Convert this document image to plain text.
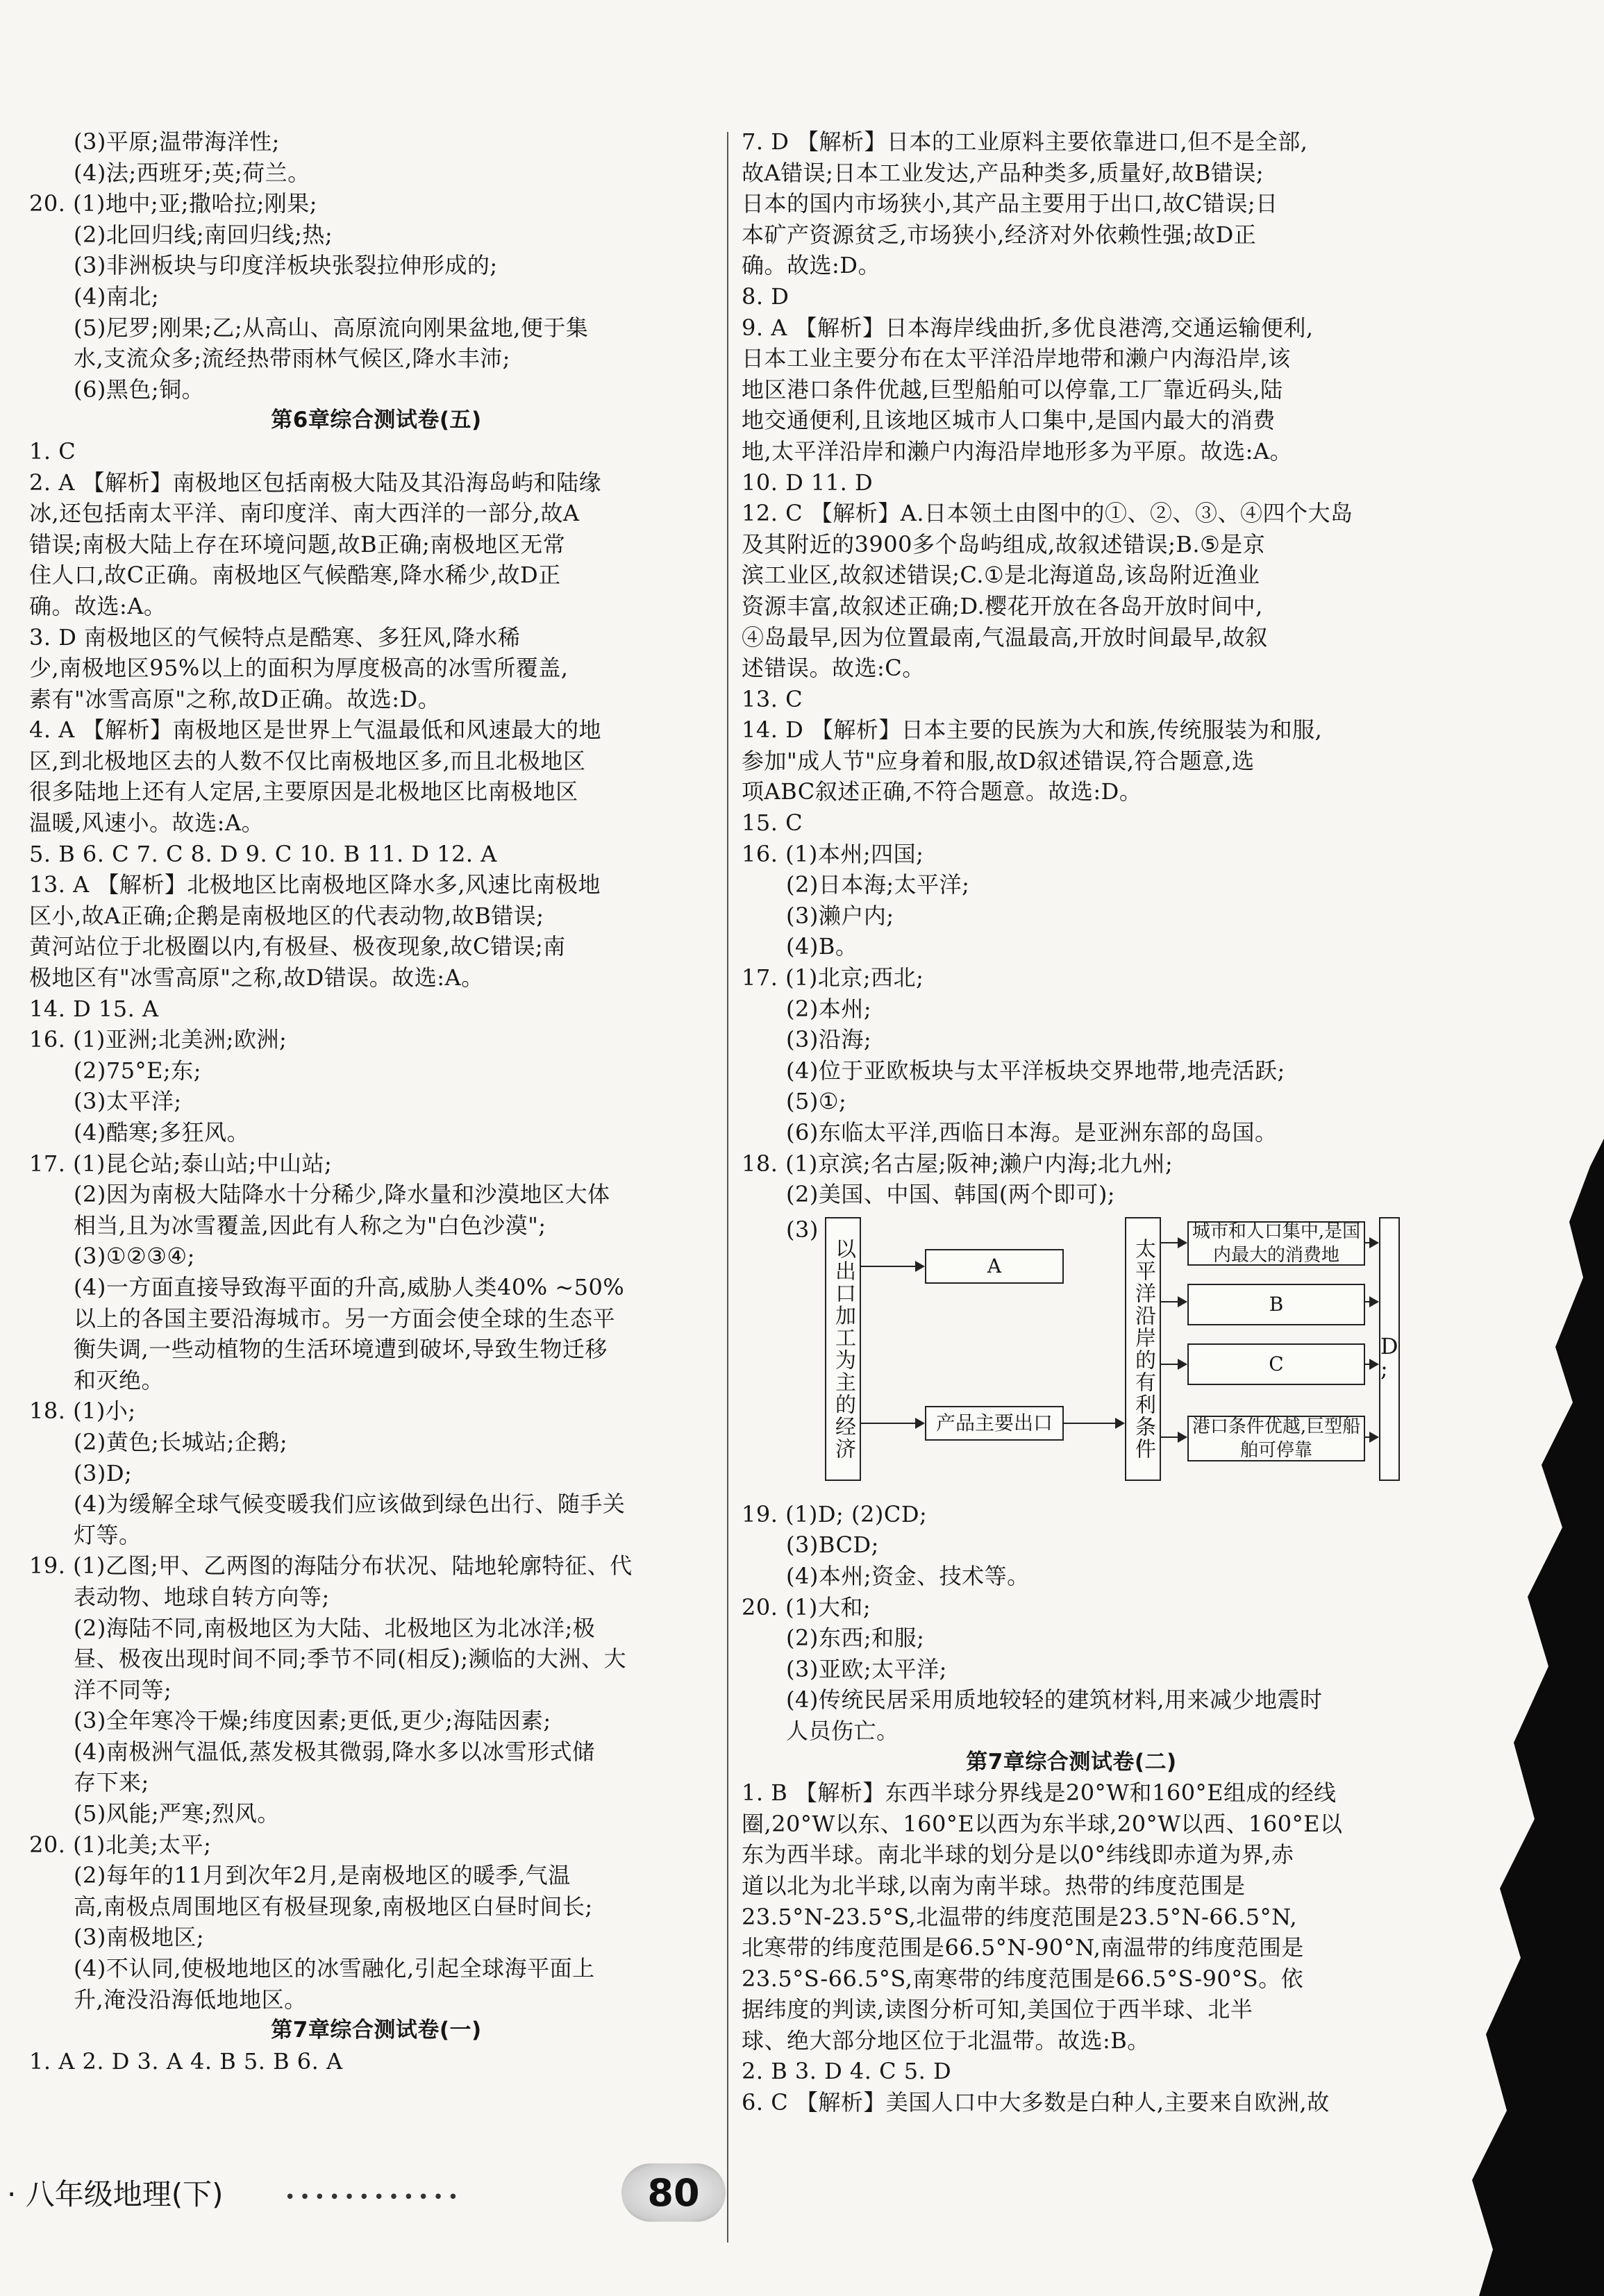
(3)平原;温带海洋性;
(4)法;西班牙;英;荷兰。
20. (1)地中;亚;撒哈拉;刚果;
(2)北回归线;南回归线;热;
(3)非洲板块与印度洋板块张裂拉伸形成的;
(4)南北;
(5)尼罗;刚果;乙;从高山、高原流向刚果盆地,便于集
水,支流众多;流经热带雨林气候区,降水丰沛;
(6)黑色;铜。
第6章综合测试卷(五)
1. C
2. A 【解析】南极地区包括南极大陆及其沿海岛屿和陆缘
冰,还包括南太平洋、南印度洋、南大西洋的一部分,故A
错误;南极大陆上存在环境问题,故B正确;南极地区无常
住人口,故C正确。南极地区气候酷寒,降水稀少,故D正
确。故选:A。
3. D 南极地区的气候特点是酷寒、多狂风,降水稀
少,南极地区95%以上的面积为厚度极高的冰雪所覆盖,
素有"冰雪高原"之称,故D正确。故选:D。
4. A 【解析】南极地区是世界上气温最低和风速最大的地
区,到北极地区去的人数不仅比南极地区多,而且北极地区
很多陆地上还有人定居,主要原因是北极地区比南极地区
温暖,风速小。故选:A。
5. B 6. C 7. C 8. D 9. C 10. B 11. D 12. A
13. A 【解析】北极地区比南极地区降水多,风速比南极地
区小,故A正确;企鹅是南极地区的代表动物,故B错误;
黄河站位于北极圈以内,有极昼、极夜现象,故C错误;南
极地区有"冰雪高原"之称,故D错误。故选:A。
14. D 15. A
16. (1)亚洲;北美洲;欧洲;
(2)75°E;东;
(3)太平洋;
(4)酷寒;多狂风。
17. (1)昆仑站;泰山站;中山站;
(2)因为南极大陆降水十分稀少,降水量和沙漠地区大体
相当,且为冰雪覆盖,因此有人称之为"白色沙漠";
(3)①②③④;
(4)一方面直接导致海平面的升高,威胁人类40% ~50%
以上的各国主要沿海城市。另一方面会使全球的生态平
衡失调,一些动植物的生活环境遭到破坏,导致生物迁移
和灭绝。
18. (1)小;
(2)黄色;长城站;企鹅;
(3)D;
(4)为缓解全球气候变暖我们应该做到绿色出行、随手关
灯等。
19. (1)乙图;甲、乙两图的海陆分布状况、陆地轮廓特征、代
表动物、地球自转方向等;
(2)海陆不同,南极地区为大陆、北极地区为北冰洋;极
昼、极夜出现时间不同;季节不同(相反);濒临的大洲、大
洋不同等;
(3)全年寒冷干燥;纬度因素;更低,更少;海陆因素;
(4)南极洲气温低,蒸发极其微弱,降水多以冰雪形式储
存下来;
(5)风能;严寒;烈风。
20. (1)北美;太平;
(2)每年的11月到次年2月,是南极地区的暖季,气温
高,南极点周围地区有极昼现象,南极地区白昼时间长;
(3)南极地区;
(4)不认同,使极地地区的冰雪融化,引起全球海平面上
升,淹没沿海低地地区。
第7章综合测试卷(一)
1. A 2. D 3. A 4. B 5. B 6. A
7. D 【解析】日本的工业原料主要依靠进口,但不是全部,
故A错误;日本工业发达,产品种类多,质量好,故B错误;
日本的国内市场狭小,其产品主要用于出口,故C错误;日
本矿产资源贫乏,市场狭小,经济对外依赖性强;故D正
确。故选:D。
8. D
9. A 【解析】日本海岸线曲折,多优良港湾,交通运输便利,
日本工业主要分布在太平洋沿岸地带和濑户内海沿岸,该
地区港口条件优越,巨型船舶可以停靠,工厂靠近码头,陆
地交通便利,且该地区城市人口集中,是国内最大的消费
地,太平洋沿岸和濑户内海沿岸地形多为平原。故选:A。
10. D 11. D
12. C 【解析】A.日本领土由图中的①、②、③、④四个大岛
及其附近的3900多个岛屿组成,故叙述错误;B.⑤是京
滨工业区,故叙述错误;C.①是北海道岛,该岛附近渔业
资源丰富,故叙述正确;D.樱花开放在各岛开放时间中,
④岛最早,因为位置最南,气温最高,开放时间最早,故叙
述错误。故选:C。
13. C
14. D 【解析】日本主要的民族为大和族,传统服装为和服,
参加"成人节"应身着和服,故D叙述错误,符合题意,选
项ABC叙述正确,不符合题意。故选:D。
15. C
16. (1)本州;四国;
(2)日本海;太平洋;
(3)濑户内;
(4)B。
17. (1)北京;西北;
(2)本州;
(3)沿海;
(4)位于亚欧板块与太平洋板块交界地带,地壳活跃;
(5)①;
(6)东临太平洋,西临日本海。是亚洲东部的岛国。
18. (1)京滨;名古屋;阪神;濑户内海;北九州;
(2)美国、中国、韩国(两个即可);
(3)
以出口加工为主的经济	A
产品主要出口	太平洋沿岸的有利条件
城市和人口集中,是国内最大的消费地
B
C
港口条件优越,巨型船舶可停靠
D
;
19. (1)D; (2)CD;
(3)BCD;
(4)本州;资金、技术等。
20. (1)大和;
(2)东西;和服;
(3)亚欧;太平洋;
(4)传统民居采用质地较轻的建筑材料,用来减少地震时
人员伤亡。
第7章综合测试卷(二)
1. B 【解析】东西半球分界线是20°W和160°E组成的经线
圈,20°W以东、160°E以西为东半球,20°W以西、160°E以
东为西半球。南北半球的划分是以0°纬线即赤道为界,赤
道以北为北半球,以南为南半球。热带的纬度范围是
23.5°N-23.5°S,北温带的纬度范围是23.5°N-66.5°N,
北寒带的纬度范围是66.5°N-90°N,南温带的纬度范围是
23.5°S-66.5°S,南寒带的纬度范围是66.5°S-90°S。依
据纬度的判读,读图分析可知,美国位于西半球、北半
球、绝大部分地区位于北温带。故选:B。
2. B 3. D 4. C 5. D
6. C 【解析】美国人口中大多数是白种人,主要来自欧洲,故
· 八年级地理(下)	••••••••••••	80
